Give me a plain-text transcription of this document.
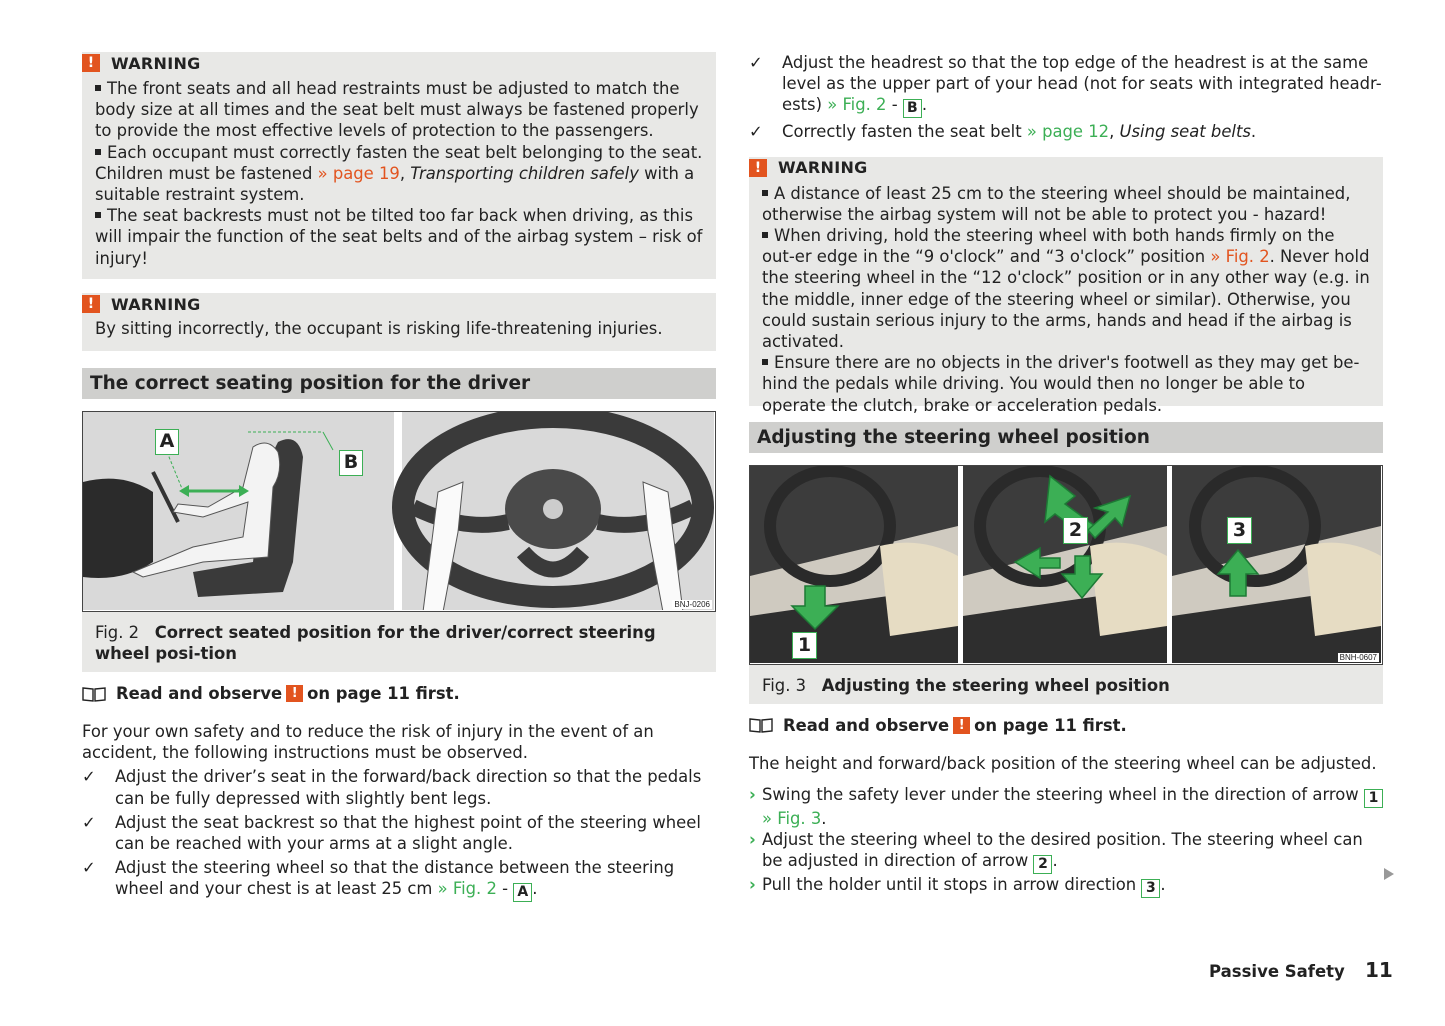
!	WARNING
The front seats and all head restraints must be adjusted to match the body size at all times and the seat belt must always be fastened properly to provide the most effective levels of protection to the passengers.
Each occupant must correctly fasten the seat belt belonging to the seat. Children must be fastened » page 19, Transporting children safely with a suitable restraint system.
The seat backrests must not be tilted too far back when driving, as this will impair the function of the seat belts and of the airbag system – risk of injury!
!	WARNING
By sitting incorrectly, the occupant is risking life-threatening injuries.
The correct seating position for the driver
A
B
BNJ-0206
Fig. 2 Correct seated position for the driver/correct steering wheel posi-tion
Read and observe ! on page 11 first.
For your own safety and to reduce the risk of injury in the event of an accident, the following instructions must be observed.
✓	Adjust the driver’s seat in the forward/back direction so that the pedals can be fully depressed with slightly bent legs.
✓	Adjust the seat backrest so that the highest point of the steering wheel can be reached with your arms at a slight angle.
✓	Adjust the steering wheel so that the distance between the steering wheel and your chest is at least 25 cm » Fig. 2 - A .
✓	Adjust the headrest so that the top edge of the headrest is at the same level as the upper part of your head (not for seats with integrated headr-ests) » Fig. 2 - B .
✓	Correctly fasten the seat belt » page 12, Using seat belts.
!	WARNING
A distance of least 25 cm to the steering wheel should be maintained, otherwise the airbag system will not be able to protect you - hazard!
When driving, hold the steering wheel with both hands firmly on the out-er edge in the “9 o'clock” and “3 o'clock” position » Fig. 2. Never hold the steering wheel in the “12 o'clock” position or in any other way (e.g. in the middle, inner edge of the steering wheel or similar). Otherwise, you could sustain serious injury to the arms, hands and head if the airbag is activated.
Ensure there are no objects in the driver's footwell as they may get be-hind the pedals while driving. You would then no longer be able to operate the clutch, brake or acceleration pedals.
Adjusting the steering wheel position
1
2	3
BNH-0607
Fig. 3 Adjusting the steering wheel position
Read and observe ! on page 11 first.
The height and forward/back position of the steering wheel can be adjusted.
› Swing the safety lever under the steering wheel in the direction of arrow 1
» Fig. 3.
› Adjust the steering wheel to the desired position. The steering wheel can be adjusted in direction of arrow 2 .
› Pull the holder until it stops in arrow direction 3 .
Passive Safety 11
